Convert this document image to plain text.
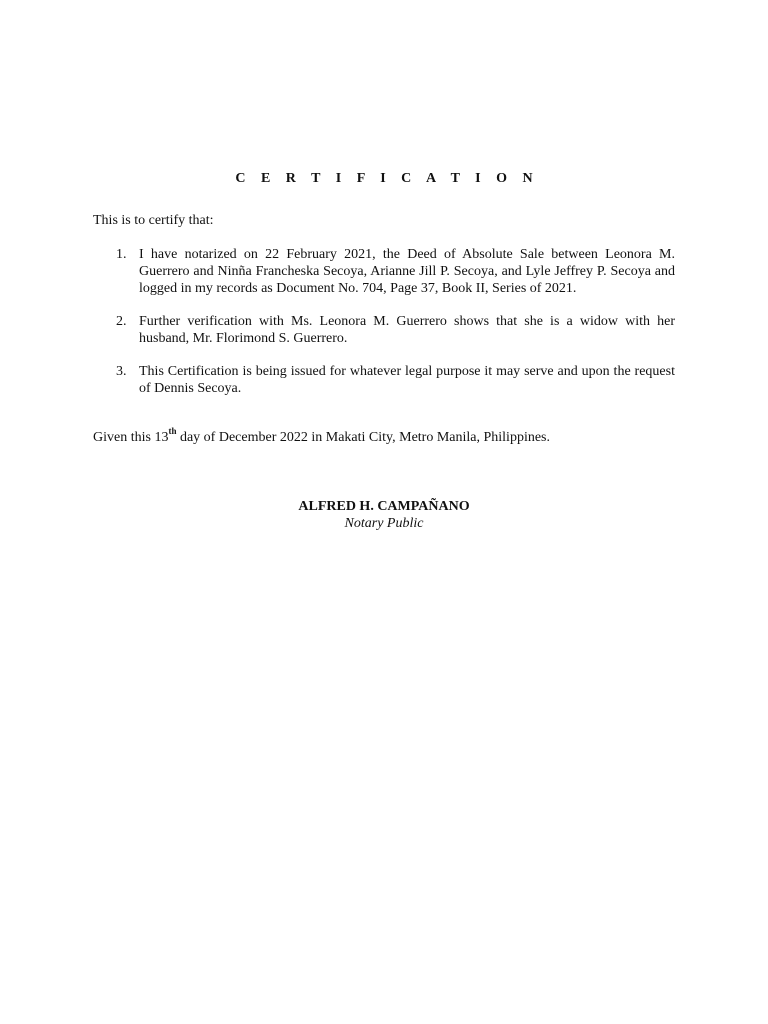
C E R T I F I C A T I O N
This is to certify that:
1. I have notarized on 22 February 2021, the Deed of Absolute Sale between Leonora M. Guerrero and Ninña Francheska Secoya, Arianne Jill P. Secoya, and Lyle Jeffrey P. Secoya and logged in my records as Document No. 704, Page 37, Book II, Series of 2021.
2. Further verification with Ms. Leonora M. Guerrero shows that she is a widow with her husband, Mr. Florimond S. Guerrero.
3. This Certification is being issued for whatever legal purpose it may serve and upon the request of Dennis Secoya.
Given this 13th day of December 2022 in Makati City, Metro Manila, Philippines.
ALFRED H. CAMPAÑANO
Notary Public
